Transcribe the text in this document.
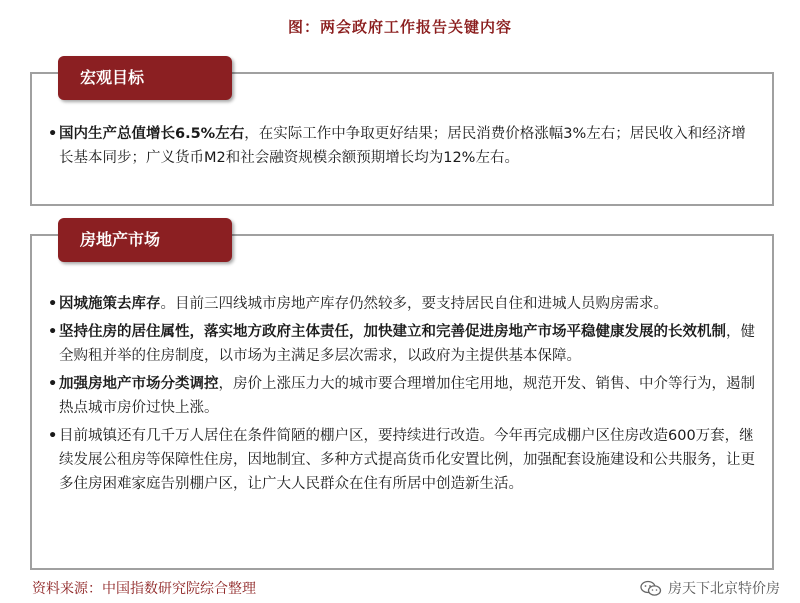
图：两会政府工作报告关键内容
宏观目标
• 国内生产总值增长6.5%左右，在实际工作中争取更好结果；居民消费价格涨幅3%左右；居民收入和经济增长基本同步；广义货币M2和社会融资规模余额预期增长均为12%左右。
房地产市场
• 因城施策去库存。目前三四线城市房地产库存仍然较多，要支持居民自住和进城人员购房需求。
• 坚持住房的居住属性，落实地方政府主体责任，加快建立和完善促进房地产市场平稳健康发展的长效机制，健全购租并举的住房制度，以市场为主满足多层次需求，以政府为主提供基本保障。
• 加强房地产市场分类调控，房价上涨压力大的城市要合理增加住宅用地，规范开发、销售、中介等行为，遏制热点城市房价过快上涨。
• 目前城镇还有几千万人居住在条件简陋的棚户区，要持续进行改造。今年再完成棚户区住房改造600万套，继续发展公租房等保障性住房，因地制宜、多种方式提高货币化安置比例，加强配套设施建设和公共服务，让更多住房困难家庭告别棚户区，让广大人民群众在住有所居中创造新生活。
资料来源：中国指数研究院综合整理	房天下北京特价房
